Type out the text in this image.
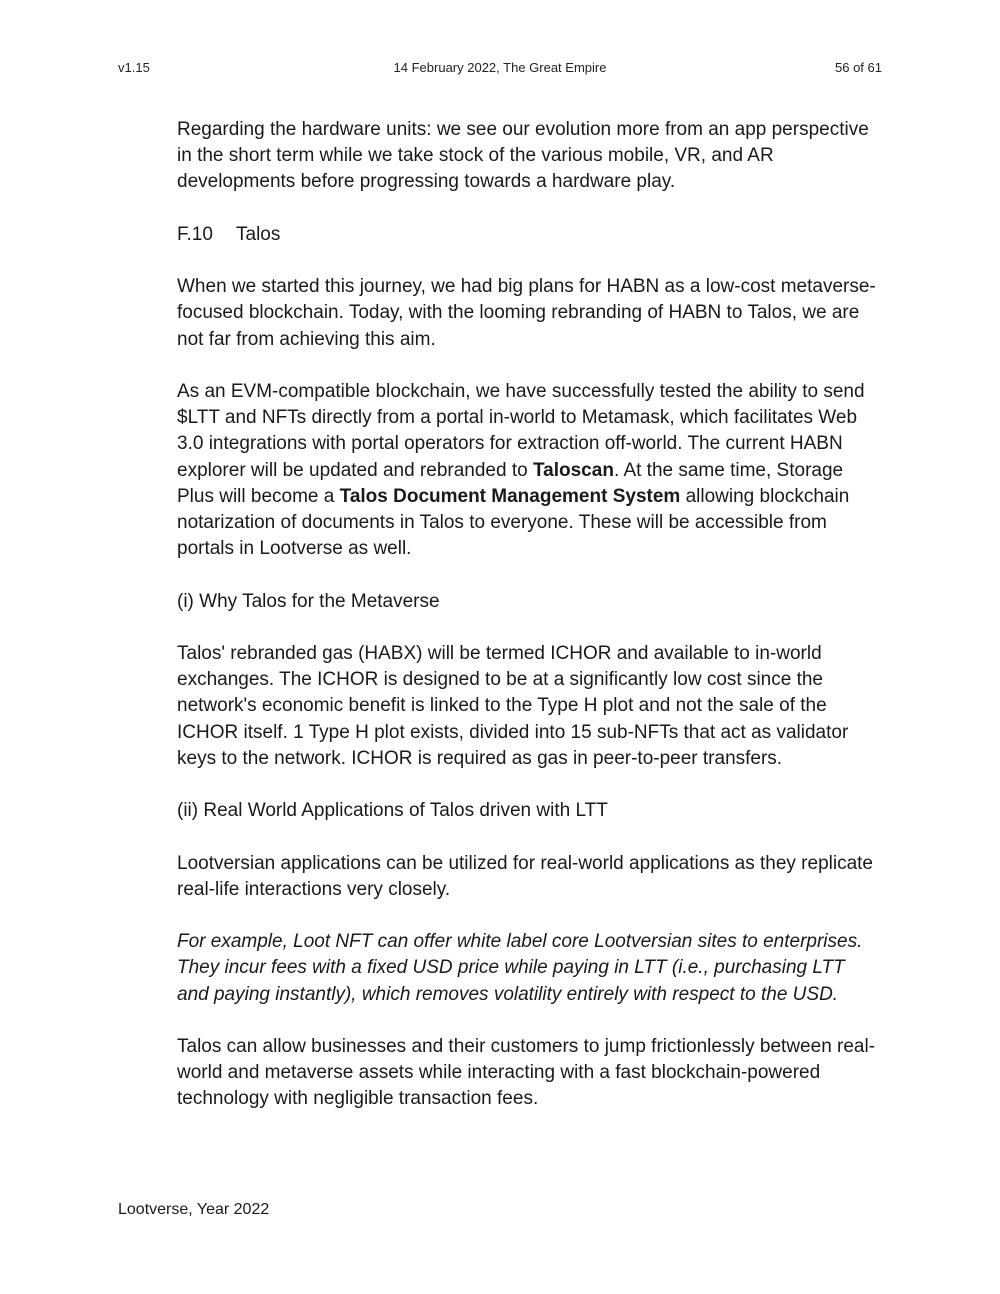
v1.15	14 February 2022, The Great Empire	56 of 61

Regarding the hardware units: we see our evolution more from an app perspective in the short term while we take stock of the various mobile, VR, and AR developments before progressing towards a hardware play.

F.10 Talos

When we started this journey, we had big plans for HABN as a low-cost metaverse-focused blockchain. Today, with the looming rebranding of HABN to Talos, we are not far from achieving this aim.

As an EVM-compatible blockchain, we have successfully tested the ability to send $LTT and NFTs directly from a portal in-world to Metamask, which facilitates Web 3.0 integrations with portal operators for extraction off-world. The current HABN explorer will be updated and rebranded to Taloscan. At the same time, Storage Plus will become a Talos Document Management System allowing blockchain notarization of documents in Talos to everyone. These will be accessible from portals in Lootverse as well.

(i) Why Talos for the Metaverse

Talos' rebranded gas (HABX) will be termed ICHOR and available to in-world exchanges. The ICHOR is designed to be at a significantly low cost since the network's economic benefit is linked to the Type H plot and not the sale of the ICHOR itself. 1 Type H plot exists, divided into 15 sub-NFTs that act as validator keys to the network. ICHOR is required as gas in peer-to-peer transfers.

(ii) Real World Applications of Talos driven with LTT

Lootversian applications can be utilized for real-world applications as they replicate real-life interactions very closely.

For example, Loot NFT can offer white label core Lootversian sites to enterprises. They incur fees with a fixed USD price while paying in LTT (i.e., purchasing LTT and paying instantly), which removes volatility entirely with respect to the USD.

Talos can allow businesses and their customers to jump frictionlessly between real-world and metaverse assets while interacting with a fast blockchain-powered technology with negligible transaction fees.

Lootverse, Year 2022
